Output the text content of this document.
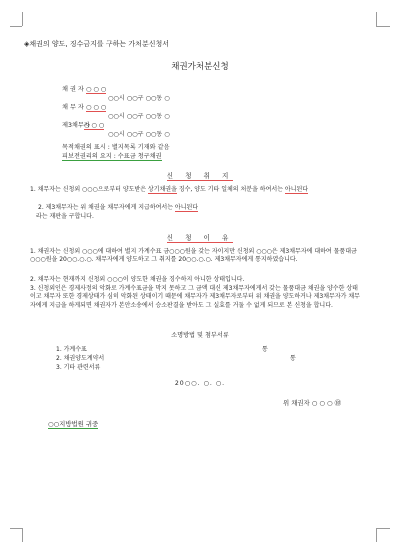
◈채권의 양도, 징수금지를 구하는 가처분신청서
채권가처분신청
채 권 자 ○ ○ ○
○○시 ○○구 ○○동 ○
채 무 자 ○ ○ ○
○○시 ○○구 ○○동 ○
제3채무자 ○ ○ ○
○○시 ○○구 ○○동 ○
목적채권의 표시 : 별지목록 기재와 같음
피보전권리의 요지 : 수표금 청구채권
신 청 취 지
1. 채무자는 신청외 ○○○으로부터 양도받은 상기채권을 징수, 양도 기타 일체의 처분을 하여서는 아니된다
2. 제3채무자는 위 채권을 채무자에게 지급하여서는 아니된다
라는 재판을 구합니다.
신 청 이 유
1. 채권자는 신청외 ○○○에 대하여 별지 가계수표 금○○○원을 갖는 자이지만 신청외 ○○○은 제3채무자에 대하여 물품대금 ○○○원을 20○○.○.○. 채무자에게 양도하고 그 취지를 20○○.○.○. 제3채무자에게 통지하였습니다.
2. 채무자는 현재까지 신청외 ○○○이 양도한 채권을 징수하지 아니한 상태입니다.
3. 신청외인은 경제사정의 악화로 가계수표금을 막지 못하고 그 금액 대신 제3채무자에게서 갖는 물품대금 채권을 양수한 상태이고 채무자 또한 경제상태가 심히 악화된 상태이기 때문에 채무자가 제3채무자로부터 위 채권을 양도하거나 제3채무자가 채무자에게 지급을 하게되면 채권자가 본안소송에서 승소판결을 받아도 그 실효를 거둘 수 없게 되므로 본 신청을 합니다.
소명방법 및 첨부서류
1. 가계수표	통
2. 채권양도계약서	통
3. 기타 관련서류
20○○. ○. ○.
위 채권자 ○ ○ ○ ㊞
○○지방법원 귀중
